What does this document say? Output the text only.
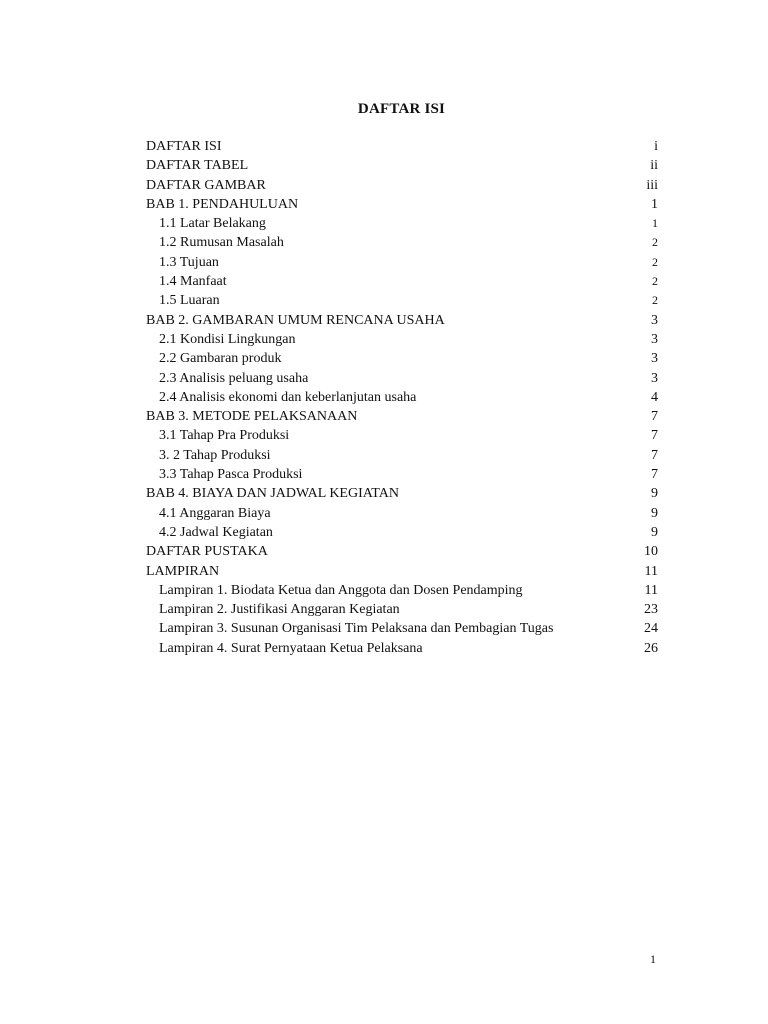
DAFTAR ISI
DAFTAR ISI	i
DAFTAR TABEL	ii
DAFTAR GAMBAR	iii
BAB 1. PENDAHULUAN	1
1.1 Latar Belakang	1
1.2 Rumusan Masalah	2
1.3 Tujuan	2
1.4 Manfaat	2
1.5 Luaran	2
BAB 2. GAMBARAN UMUM RENCANA USAHA	3
2.1 Kondisi Lingkungan	3
2.2 Gambaran produk	3
2.3 Analisis peluang usaha	3
2.4 Analisis ekonomi dan keberlanjutan usaha	4
BAB 3. METODE PELAKSANAAN	7
3.1 Tahap Pra Produksi	7
3. 2 Tahap Produksi	7
3.3 Tahap Pasca Produksi	7
BAB 4. BIAYA DAN JADWAL KEGIATAN	9
4.1 Anggaran Biaya	9
4.2 Jadwal Kegiatan	9
DAFTAR PUSTAKA	10
LAMPIRAN	11
Lampiran 1. Biodata Ketua dan Anggota dan Dosen Pendamping	11
Lampiran 2. Justifikasi Anggaran Kegiatan	23
Lampiran 3. Susunan Organisasi Tim Pelaksana dan Pembagian Tugas	24
Lampiran 4. Surat Pernyataan Ketua Pelaksana	26
1
